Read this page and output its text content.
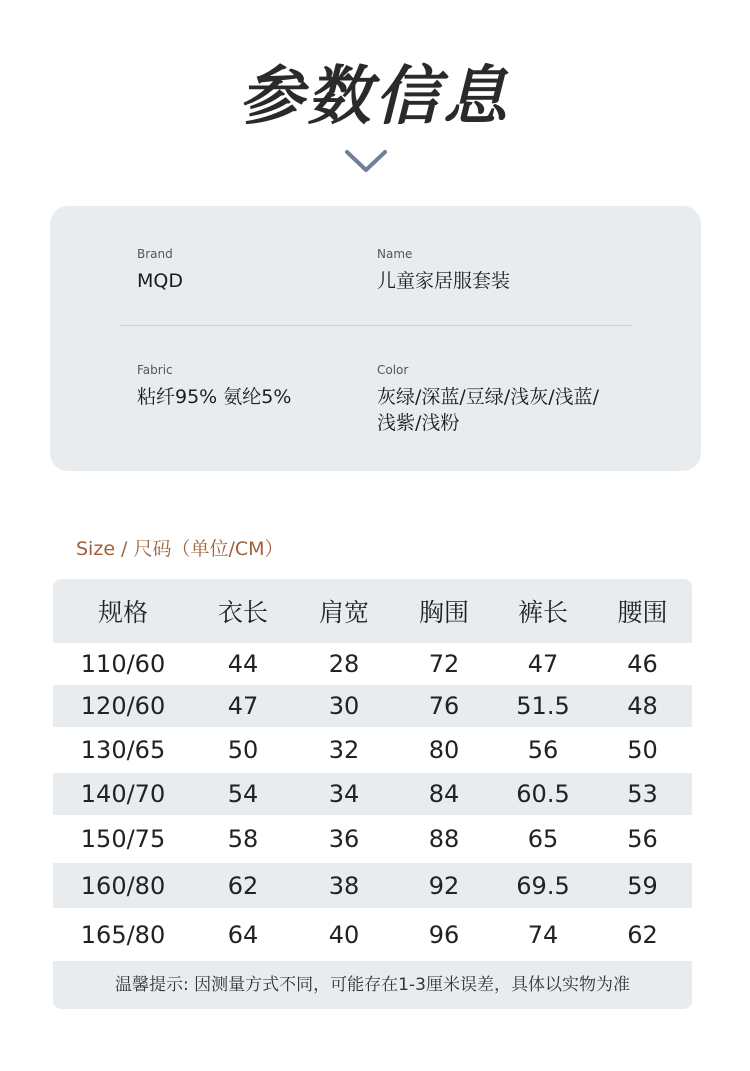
参数信息
Brand
MQD
Name
儿童家居服套装
Fabric
粘纤95% 氨纶5%
Color
灰绿/深蓝/豆绿/浅灰/浅蓝/
浅紫/浅粉
Size / 尺码（单位/CM）
规格	衣长	肩宽	胸围	裤长	腰围
110/60	44	28	72	47	46
120/60	47	30	76	51.5	48
130/65	50	32	80	56	50
140/70	54	34	84	60.5	53
150/75	58	36	88	65	56
160/80	62	38	92	69.5	59
165/80	64	40	96	74	62
温馨提示: 因测量方式不同，可能存在1-3厘米误差，具体以实物为准
